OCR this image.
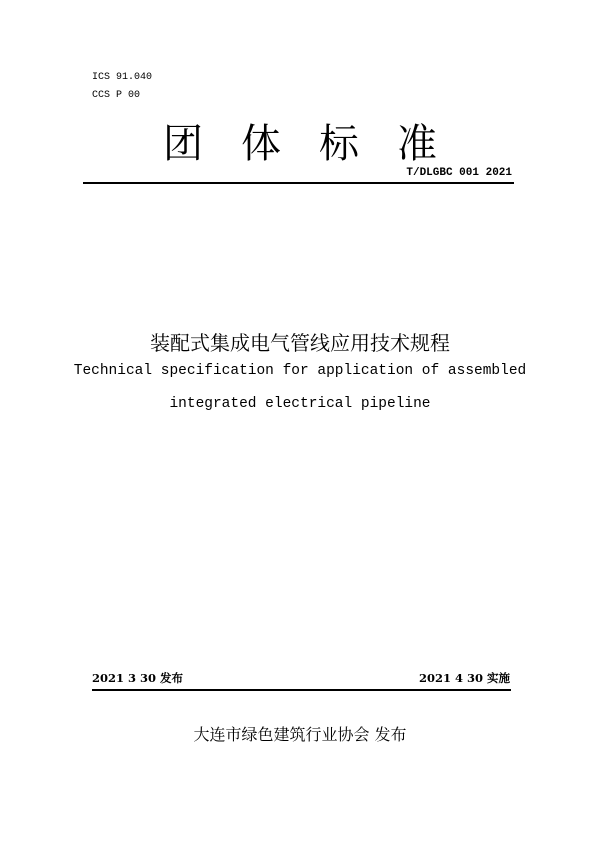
ICS 91.040
CCS P 00
团体标准
T/DLGBC 001 2021
装配式集成电气管线应用技术规程
Technical specification for application of assembled
integrated electrical pipeline
2021 3 30 发布	2021 4 30 实施
大连市绿色建筑行业协会 发布
